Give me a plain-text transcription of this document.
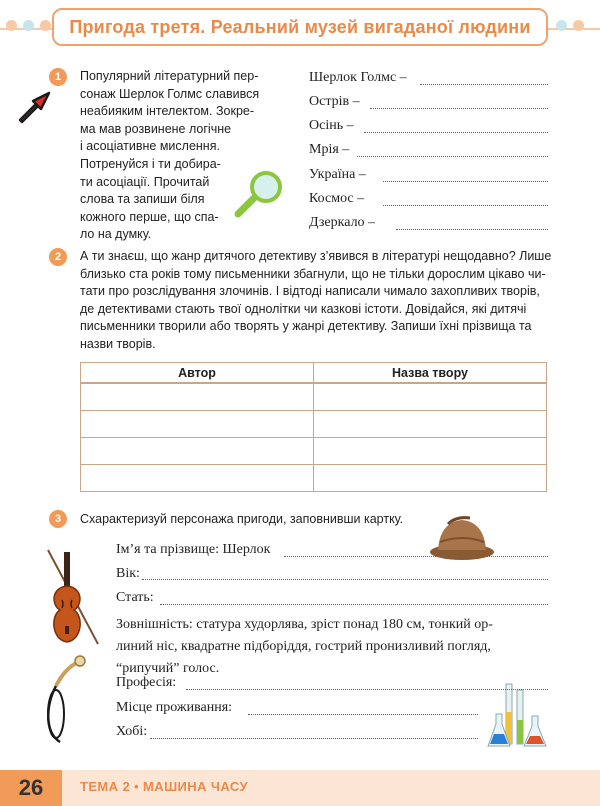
Пригода третя. Реальний музей вигаданої людини
1	Популярний літературний пер-
сонаж Шерлок Голмс славився
неабияким інтелектом. Зокре-
ма мав розвинене логічне
і асоціативне мислення.
Потренуйся і ти добира-
ти асоціації. Прочитай
слова та запиши біля
кожного перше, що спа-
ло на думку.
Шерлок Голмс –
Острів –
Осінь –
Мрія –
Україна –
Космос –
Дзеркало –
2	А ти знаєш, що жанр дитячого детективу з’явився в літературі нещодавно? Лише
близько ста років тому письменники збагнули, що не тільки дорослим цікаво чи-
тати про розслідування злочинів. І відтоді написали чимало захопливих творів,
де детективами стають твої однолітки чи казкові істоти. Довідайся, які дитячі
письменники творили або творять у жанрі детективу. Запиши їхні прізвища та
назви творів.
Автор	Назва твору

3	Схарактеризуй персонажа пригоди, заповнивши картку.
Ім’я та прізвище: Шерлок
Вік:
Стать:
Зовнішність: статура худорлява, зріст понад 180 см, тонкий ор-
линий ніс, квадратне підборіддя, гострий пронизливий погляд,
“рипучий” голос.
Професія:
Місце проживання:
Хобі:
26	ТЕМА 2 • МАШИНА ЧАСУ
